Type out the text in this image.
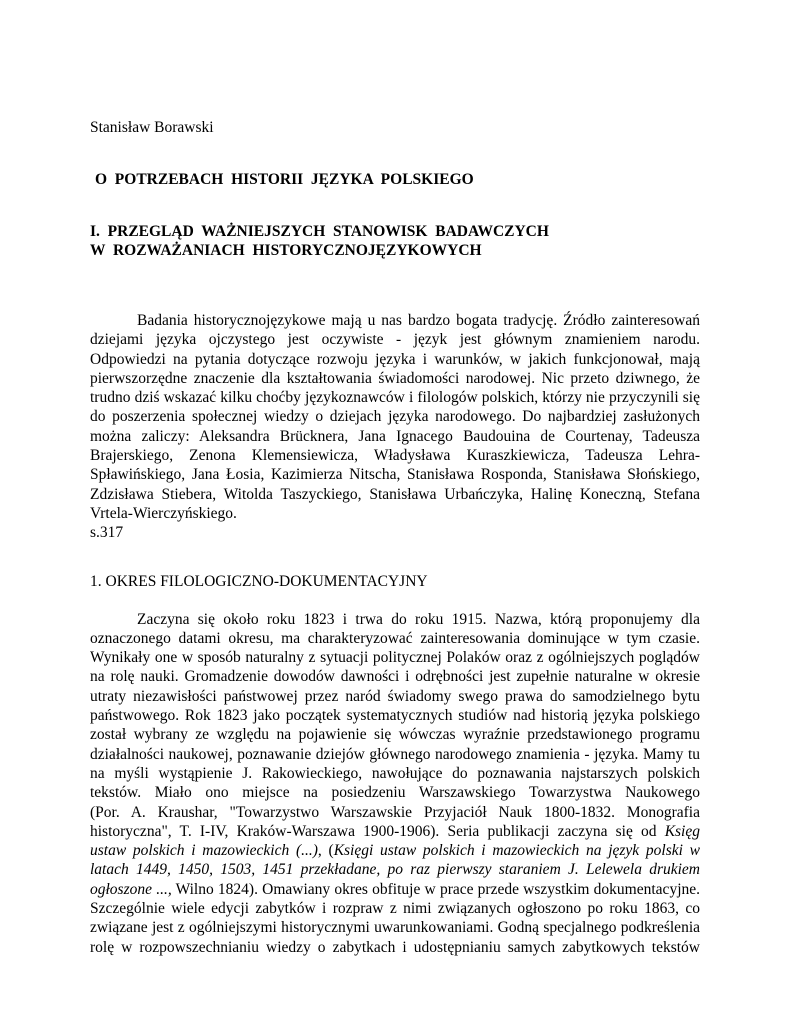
Stanisław Borawski

O  POTRZEBACH  HISTORII  JĘZYKA  POLSKIEGO

I.  PRZEGLĄD  WAŻNIEJSZYCH  STANOWISK  BADAWCZYCH
W  ROZWAŻANIACH  HISTORYCZNOJĘZYKOWYCH
Badania historycznojęzykowe mają u nas bardzo bogata tradycję. Źródło zainteresowań
dziejami języka ojczystego jest oczywiste - język jest głównym znamieniem narodu.
Odpowiedzi na pytania dotyczące rozwoju języka i warunków, w jakich funkcjonował, mają
pierwszorzędne znaczenie dla kształtowania świadomości narodowej. Nic przeto dziwnego, że
trudno dziś wskazać kilku choćby językoznawców i filologów polskich, którzy nie przyczynili się
do poszerzenia społecznej wiedzy o dziejach języka narodowego. Do najbardziej zasłużonych
można zaliczy: Aleksandra Brücknera, Jana Ignacego Baudouina de Courtenay, Tadeusza
Brajerskiego, Zenona Klemensiewicza, Władysława Kuraszkiewicza, Tadeusza Lehra-
Spławińskiego, Jana Łosia, Kazimierza Nitscha, Stanisława Rosponda, Stanisława Słońskiego,
Zdzisława Stiebera, Witolda Taszyckiego, Stanisława Urbańczyka, Halinę Koneczną, Stefana
Vrtela-Wierczyńskiego.

s.317

1. OKRES FILOLOGICZNO-DOKUMENTACYJNY

Zaczyna się około roku 1823 i trwa do roku 1915. Nazwa, którą proponujemy dla
oznaczonego datami okresu, ma charakteryzować zainteresowania dominujące w tym czasie.
Wynikały one w sposób naturalny z sytuacji politycznej Polaków oraz z ogólniejszych poglądów
na rolę nauki. Gromadzenie dowodów dawności i odrębności jest zupełnie naturalne w okresie
utraty niezawisłości państwowej przez naród świadomy swego prawa do samodzielnego bytu
państwowego. Rok 1823 jako początek systematycznych studiów nad historią języka polskiego
został wybrany ze względu na pojawienie się wówczas wyraźnie przedstawionego programu
działalności naukowej, poznawanie dziejów głównego narodowego znamienia - języka. Mamy tu
na myśli wystąpienie J. Rakowieckiego, nawołujące do poznawania najstarszych polskich
tekstów. Miało ono miejsce na posiedzeniu Warszawskiego Towarzystwa Naukowego
(Por. A. Kraushar, "Towarzystwo Warszawskie Przyjaciół Nauk 1800-1832. Monografia
historyczna", T. I-IV, Kraków-Warszawa 1900-1906). Seria publikacji zaczyna się od Księg
ustaw polskich i mazowieckich (...), (Księgi ustaw polskich i mazowieckich na język polski w
latach 1449, 1450, 1503, 1451 przekładane, po raz pierwszy staraniem J. Lelewela drukiem
ogłoszone ..., Wilno 1824). Omawiany okres obfituje w prace przede wszystkim dokumentacyjne.
Szczególnie wiele edycji zabytków i rozpraw z nimi związanych ogłoszono po roku 1863, co
związane jest z ogólniejszymi historycznymi uwarunkowaniami. Godną specjalnego podkreślenia
rolę w rozpowszechnianiu wiedzy o zabytkach i udostępnianiu samych zabytkowych tekstów
